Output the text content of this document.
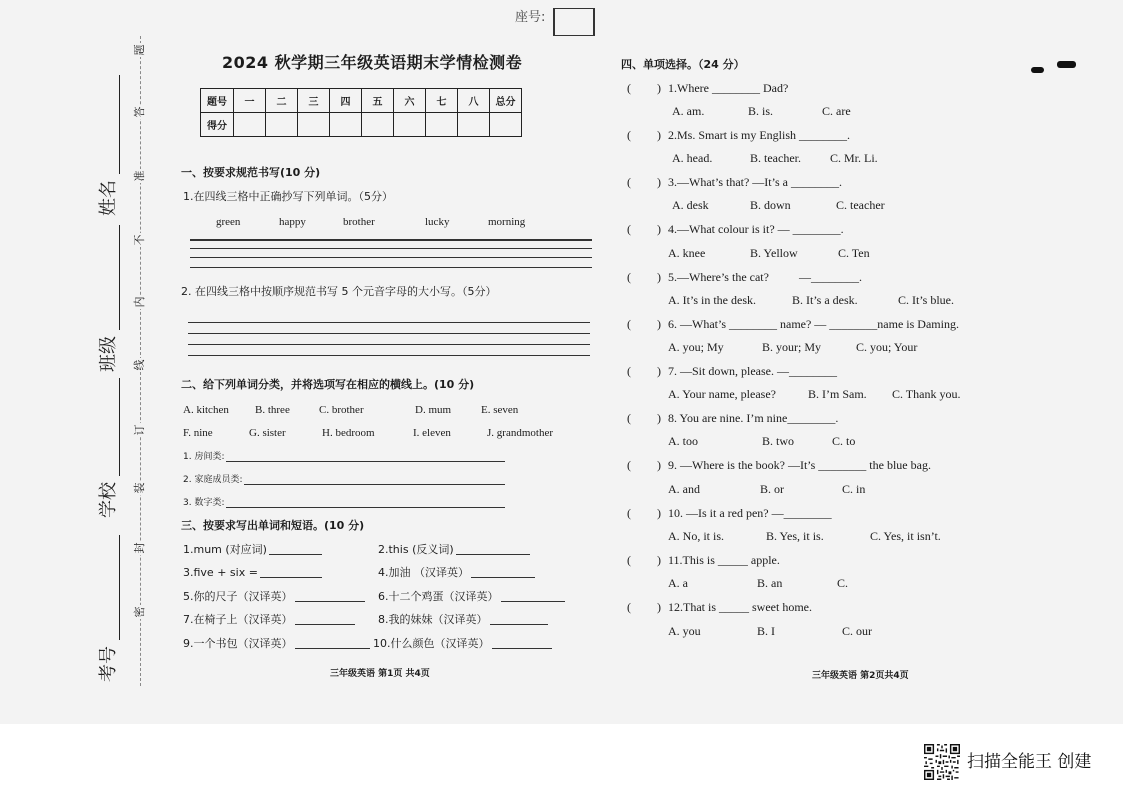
题
答
准
不
内
线
订
装
封
密
姓名
班级
学校
考号
座号:
2024 秋学期三年级英语期末学情检测卷
题号	一	二	三	四	五	六	七	八	总分
得分									
一、按要求规范书写(10 分)
1.在四线三格中正确抄写下列单词。（5分）
green	happy	brother	lucky	morning
2. 在四线三格中按顺序规范书写 5 个元音字母的大小写。（5分）
二、给下列单词分类，并将选项写在相应的横线上。(10 分)
A. kitchen B. three	C. brother	D. mum	E. seven
F. nine	G. sister	H. bedroom	I. eleven	J. grandmother
1. 房间类:
2. 家庭成员类:
3. 数字类:
三、按要求写出单词和短语。(10 分)
1.mum (对应词)	2.this (反义词)
3.five + six =	4.加油 （汉译英）
5.你的尺子（汉译英）	6.十二个鸡蛋（汉译英）
7.在椅子上（汉译英）	8.我的妹妹（汉译英）
9.一个书包（汉译英）	10.什么颜色（汉译英）
三年级英语 第1页 共4页
四、单项选择。（24 分）
( ) 1.Where ________ Dad?
A. am.	B. is.	C. are
( ) 2.Ms. Smart is my English ________.
A. head.	B. teacher. C. Mr. Li.
( ) 3.—What’s that? —It’s a ________.
A. desk	B. down	C. teacher
( ) 4.—What colour is it? — ________.
A. knee	B. Yellow	C. Ten
( ) 5.—Where’s the cat?          —________.
A. It’s in the desk.	B. It’s a desk.	C. It’s blue.
( ) 6. —What’s ________ name? — ________name is Daming.
A. you; My	B. your; My	C. you; Your
( ) 7. —Sit down, please. —________
A. Your name, please?	B. I’m Sam. C. Thank you.
( ) 8. You are nine. I’m nine________.
A. too	B. two	C. to
( ) 9. —Where is the book? —It’s ________ the blue bag.
A. and	B. or	C. in
( ) 10. —Is it a red pen? —________
A. No, it is.	B. Yes, it is.	C. Yes, it isn’t.
( ) 11.This is _____ apple.
A. a	B. an	C.
( ) 12.That is _____ sweet home.
A. you	B. I	C. our
三年级英语 第2页共4页
扫描全能王 创建
